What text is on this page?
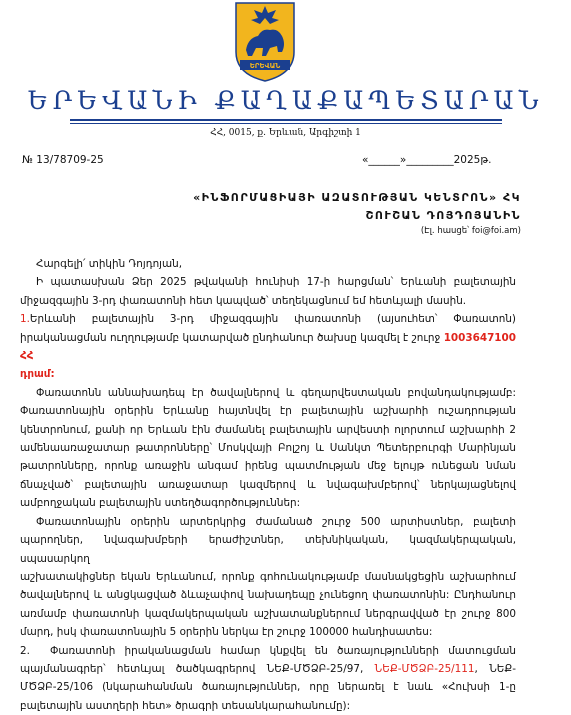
ԵՐԵՎԱՆ
ԵՐԵՎԱՆԻ ՔԱՂԱՔԱՊԵՏԱՐԱՆ
ՀՀ, 0015, ք. Երևան, Արգիշտի 1
№ 13/78709-25	«______»_________2025թ.
«ԻՆՖՈՐՄԱՑԻԱՅԻ ԱԶԱՏՈՒԹՅԱՆ ԿԵՆՏՐՈՆ» ՀԿ
ՇՈՒՇԱՆ ԴՈՅԴՈՅԱՆԻՆ
(Էլ. հասցե՝ foi@foi.am)
Հարգելի՛ տիկին Դոյդոյան,
Ի պատասխան Ձեր 2025 թվականի հունիսի 17-ի հարցման՝ Երևանի բալետային
միջազգային 3-րդ փառատոնի հետ կապված՝ տեղեկացնում եմ հետևյալի մասին.
1.Երևանի բալետային 3-րդ միջազգային փառատոնի (այսուհետ՝ Փառատոն)
իրականացման ուղղությամբ կատարված ընդհանուր ծախսը կազմել է շուրջ 1003647100 ՀՀ
դրամ:
Փառատոնն աննախադեպ էր ծավալներով և գեղարվեստական բովանդակությամբ:
Փառատոնային օրերին Երևանը հայտնվել էր բալետային աշխարհի ուշադրության
կենտրոնում, քանի որ Երևան էին ժամանել բալետային արվեստի ոլորտում աշխարհի 2
ամենաառաջատար թատրոնները՝ Մոսկվայի Բոլշոյ և Սանկտ Պետերբուրգի Մարինյան
թատրոնները, որոնք առաջին անգամ իրենց պատմության մեջ ելույթ ունեցան նման
ճնաչված՝ բալետային առաջատար կազմերով և նվագախմբերով՝ ներկայացնելով
ամբողջական բալետային ստեղծագործություններ:
Փառատոնային օրերին արտերկրից ժամանած շուրջ 500 արտիստներ, բալետի
պարողներ, նվագախմբերի երաժիշտներ, տեխնիկական, կազմակերպական, սպասարկող
աշխատակիցներ եկան Երևանում, որոնք գոհունակությամբ մասնակցեցին աշխարհում
ծավալներով և անցկացված ձևաչափով նախադեպը չունեցող փառատոնին: Ընդհանուր
առմամբ փառատոնի կազմակերպական աշխատանքներում ներգրավված էր շուրջ 800
մարդ, իսկ փառատոնային 5 օրերին ներկա էր շուրջ 100000 հանդիսատես:
2. Փառատոնի իրականացման համար կնքվել են ծառայությունների մատուցման
պայմանագրեր՝ հետևյալ ծածկագրերով ՆԵՔ-ՄԾՁԲ-25/97, ՆԵՔ-ՄԾՁԲ-25/111, ՆԵՔ-
ՄԾՁԲ-25/106 (նկարահանման ծառայություններ, որը ներառել է նաև «Հուխսի 1-ը
բալետային աստղերի հետ» ծրագրի տեսանկարահանումը):
